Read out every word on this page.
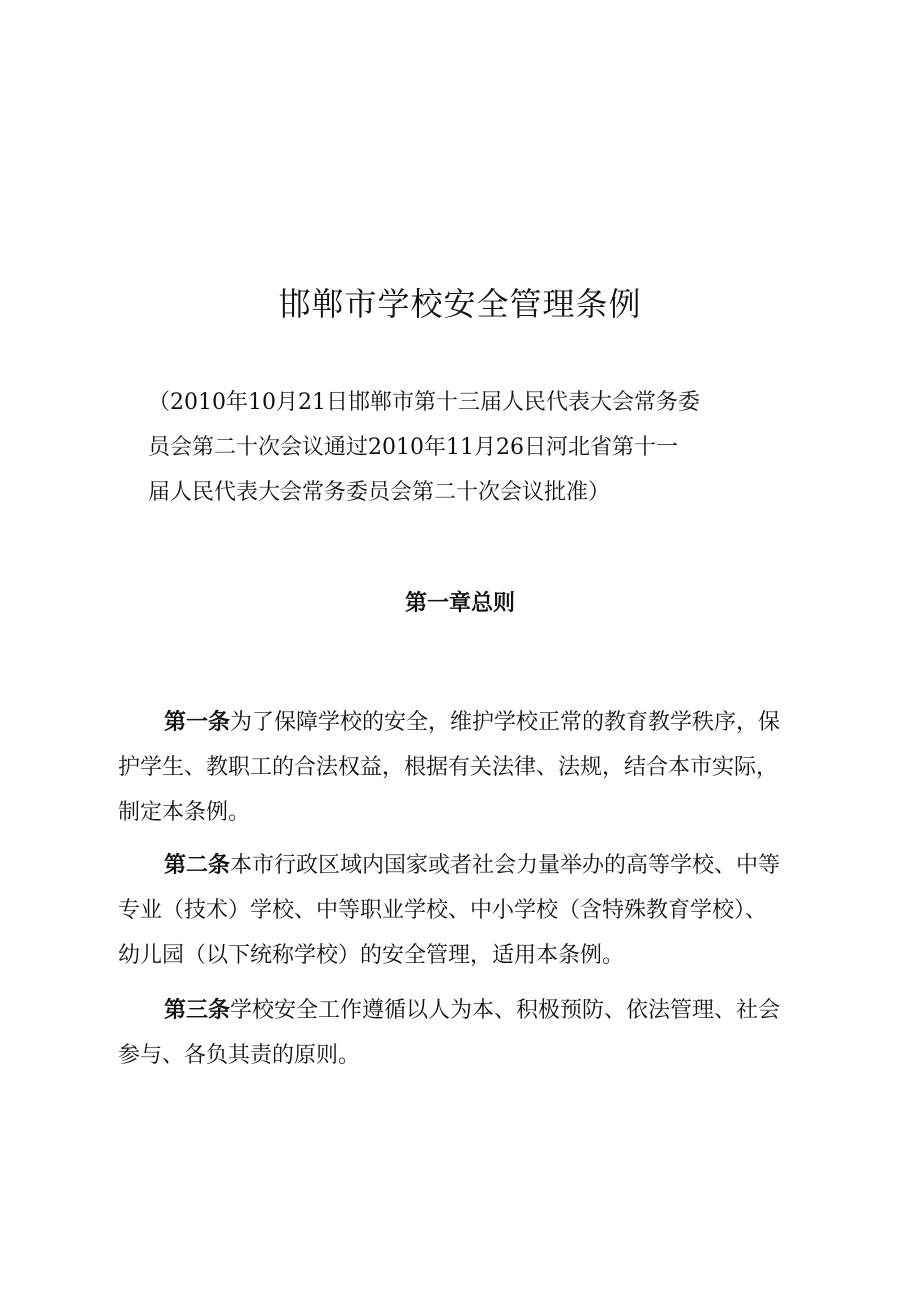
邯郸市学校安全管理条例
（2010年10月21日邯郸市第十三届人民代表大会常务委
员会第二十次会议通过2010年11月26日河北省第十一
届人民代表大会常务委员会第二十次会议批准）
第一章总则
第一条为了保障学校的安全，维护学校正常的教育教学秩序，保
护学生、教职工的合法权益，根据有关法律、法规，结合本市实际，
制定本条例。
第二条本市行政区域内国家或者社会力量举办的高等学校、中等
专业（技术）学校、中等职业学校、中小学校（含特殊教育学校）、
幼儿园（以下统称学校）的安全管理，适用本条例。
第三条学校安全工作遵循以人为本、积极预防、依法管理、社会
参与、各负其责的原则。
